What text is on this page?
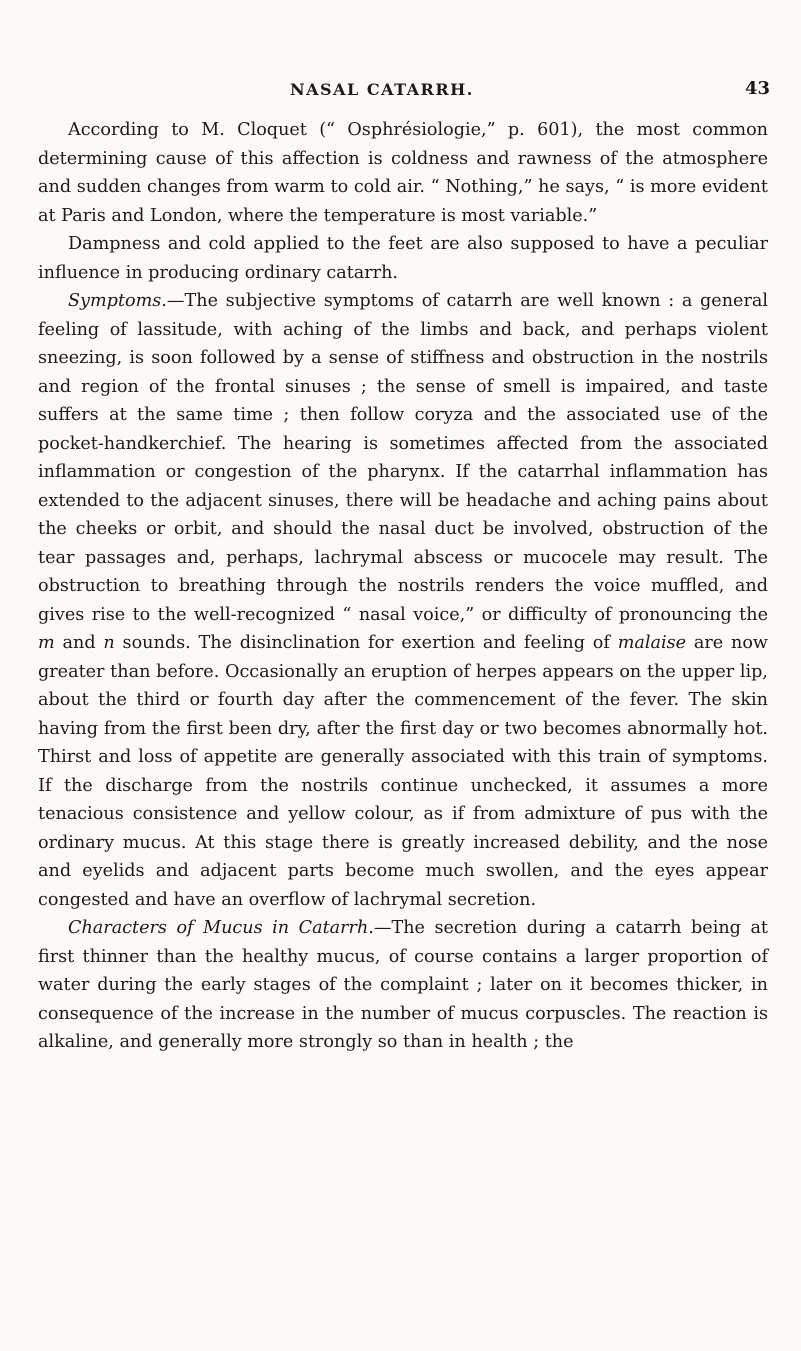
NASAL CATARRH.	43

According to M. Cloquet (“ Osphrésiologie,” p. 601), the most common determining cause of this affection is coldness and rawness of the atmosphere and sudden changes from warm to cold air. “ Nothing,” he says, “ is more evident at Paris and London, where the temperature is most variable.”

Dampness and cold applied to the feet are also supposed to have a peculiar influence in producing ordinary catarrh.

Symptoms.—The subjective symptoms of catarrh are well known : a general feeling of lassitude, with aching of the limbs and back, and perhaps violent sneezing, is soon followed by a sense of stiffness and obstruction in the nostrils and region of the frontal sinuses ; the sense of smell is impaired, and taste suffers at the same time ; then follow coryza and the associated use of the pocket-handkerchief. The hearing is sometimes affected from the associated inflammation or congestion of the pharynx. If the catarrhal inflammation has extended to the adjacent sinuses, there will be headache and aching pains about the cheeks or orbit, and should the nasal duct be involved, obstruction of the tear passages and, perhaps, lachrymal abscess or mucocele may result. The obstruction to breathing through the nostrils renders the voice muffled, and gives rise to the well-recognized “ nasal voice,” or difficulty of pronouncing the m and n sounds. The disinclination for exertion and feeling of malaise are now greater than before. Occasionally an eruption of herpes appears on the upper lip, about the third or fourth day after the commencement of the fever. The skin having from the first been dry, after the first day or two becomes abnormally hot. Thirst and loss of appetite are generally associated with this train of symptoms. If the discharge from the nostrils continue unchecked, it assumes a more tenacious consistence and yellow colour, as if from admixture of pus with the ordinary mucus. At this stage there is greatly increased debility, and the nose and eyelids and adjacent parts become much swollen, and the eyes appear congested and have an overflow of lachrymal secretion.

Characters of Mucus in Catarrh.—The secretion during a catarrh being at first thinner than the healthy mucus, of course contains a larger proportion of water during the early stages of the complaint ; later on it becomes thicker, in consequence of the increase in the number of mucus corpuscles. The reaction is alkaline, and generally more strongly so than in health ; the
